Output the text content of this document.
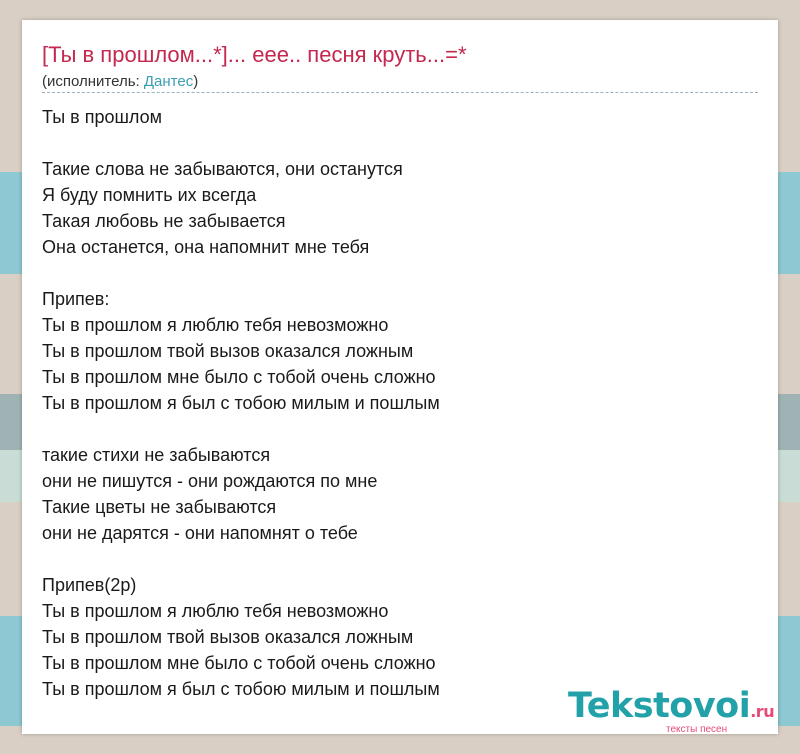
[Ты в прошлом...*]... еее.. песня круть...=*
(исполнитель: Дантес)
Ты в прошлом
Такие слова не забываются, они останутся
Я буду помнить их всегда
Такая любовь не забывается
Она останется, она напомнит мне тебя
Припев:
Ты в прошлом я люблю тебя невозможно
Ты в прошлом твой вызов оказался ложным
Ты в прошлом мне было с тобой очень сложно
Ты в прошлом я был с тобою милым и пошлым
такие стихи не забываются
они не пишутся - они рождаются по мне
Такие цветы не забываются
они не дарятся - они напомнят о тебе
Припев(2р)
Ты в прошлом я люблю тебя невозможно
Ты в прошлом твой вызов оказался ложным
Ты в прошлом мне было с тобой очень сложно
Ты в прошлом я был с тобою милым и пошлым	Tekstovoi.ru
тексты песен
